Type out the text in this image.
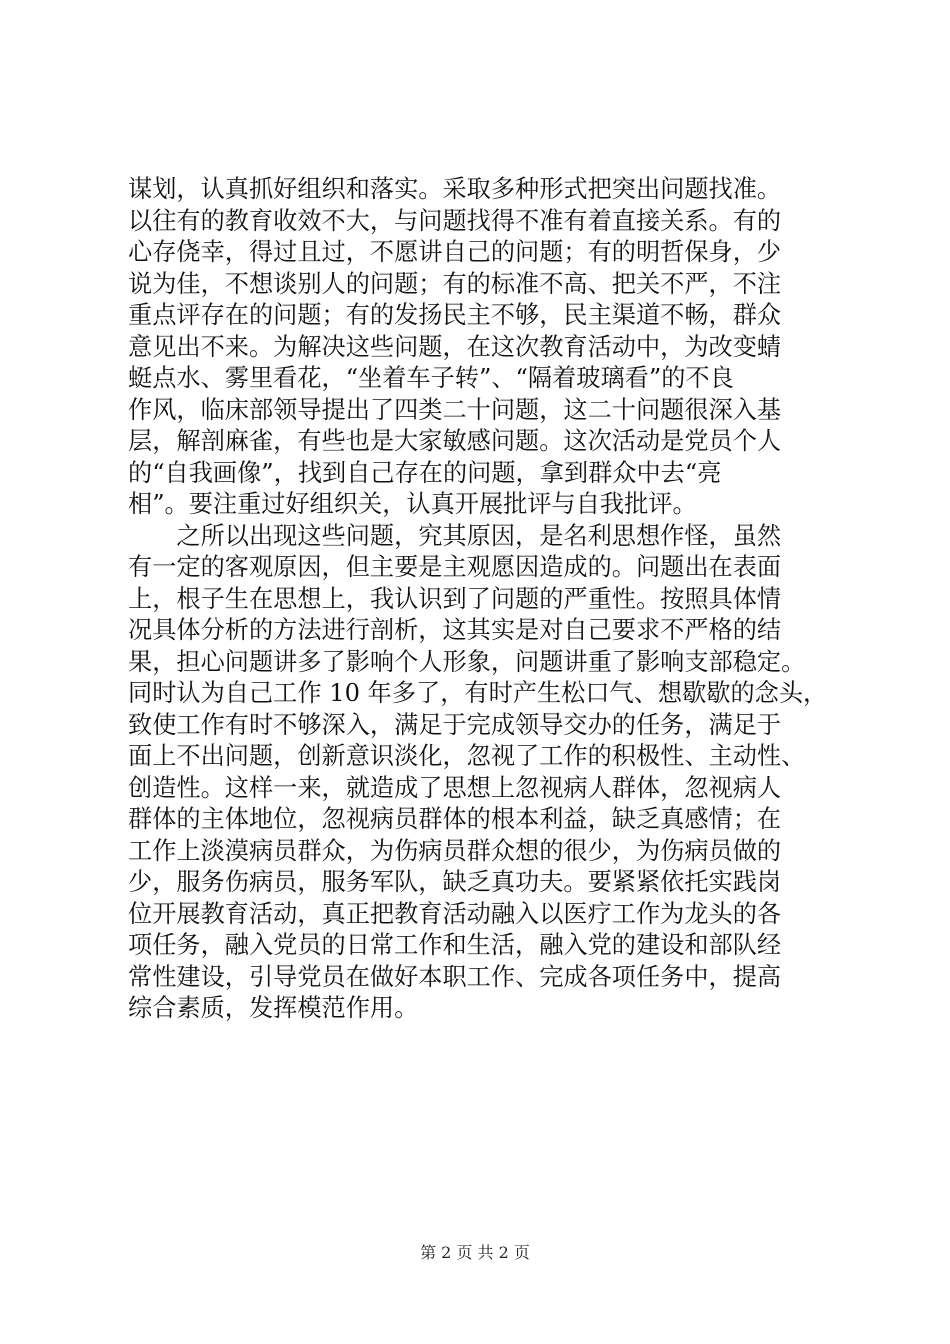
谋划，认真抓好组织和落实。采取多种形式把突出问题找准。
以往有的教育收效不大，与问题找得不准有着直接关系。有的
心存侥幸，得过且过，不愿讲自己的问题；有的明哲保身，少
说为佳，不想谈别人的问题；有的标准不高、把关不严，不注
重点评存在的问题；有的发扬民主不够，民主渠道不畅，群众
意见出不来。为解决这些问题，在这次教育活动中，为改变蜻
蜓点水、雾里看花，“坐着车子转”、“隔着玻璃看”的不良
作风，临床部领导提出了四类二十问题，这二十问题很深入基
层，解剖麻雀，有些也是大家敏感问题。这次活动是党员个人
的“自我画像”，找到自己存在的问题，拿到群众中去“亮
相”。要注重过好组织关，认真开展批评与自我批评。
　　之所以出现这些问题，究其原因，是名利思想作怪，虽然
有一定的客观原因，但主要是主观愿因造成的。问题出在表面
上，根子生在思想上，我认识到了问题的严重性。按照具体情
况具体分析的方法进行剖析，这其实是对自己要求不严格的结
果，担心问题讲多了影响个人形象，问题讲重了影响支部稳定。
同时认为自己工作 10 年多了，有时产生松口气、想歇歇的念头，
致使工作有时不够深入，满足于完成领导交办的任务，满足于
面上不出问题，创新意识淡化，忽视了工作的积极性、主动性、
创造性。这样一来，就造成了思想上忽视病人群体，忽视病人
群体的主体地位，忽视病员群体的根本利益，缺乏真感情；在
工作上淡漠病员群众，为伤病员群众想的很少，为伤病员做的
少，服务伤病员，服务军队，缺乏真功夫。要紧紧依托实践岗
位开展教育活动，真正把教育活动融入以医疗工作为龙头的各
项任务，融入党员的日常工作和生活，融入党的建设和部队经
常性建设，引导党员在做好本职工作、完成各项任务中，提高
综合素质，发挥模范作用。
第 2 页 共 2 页
